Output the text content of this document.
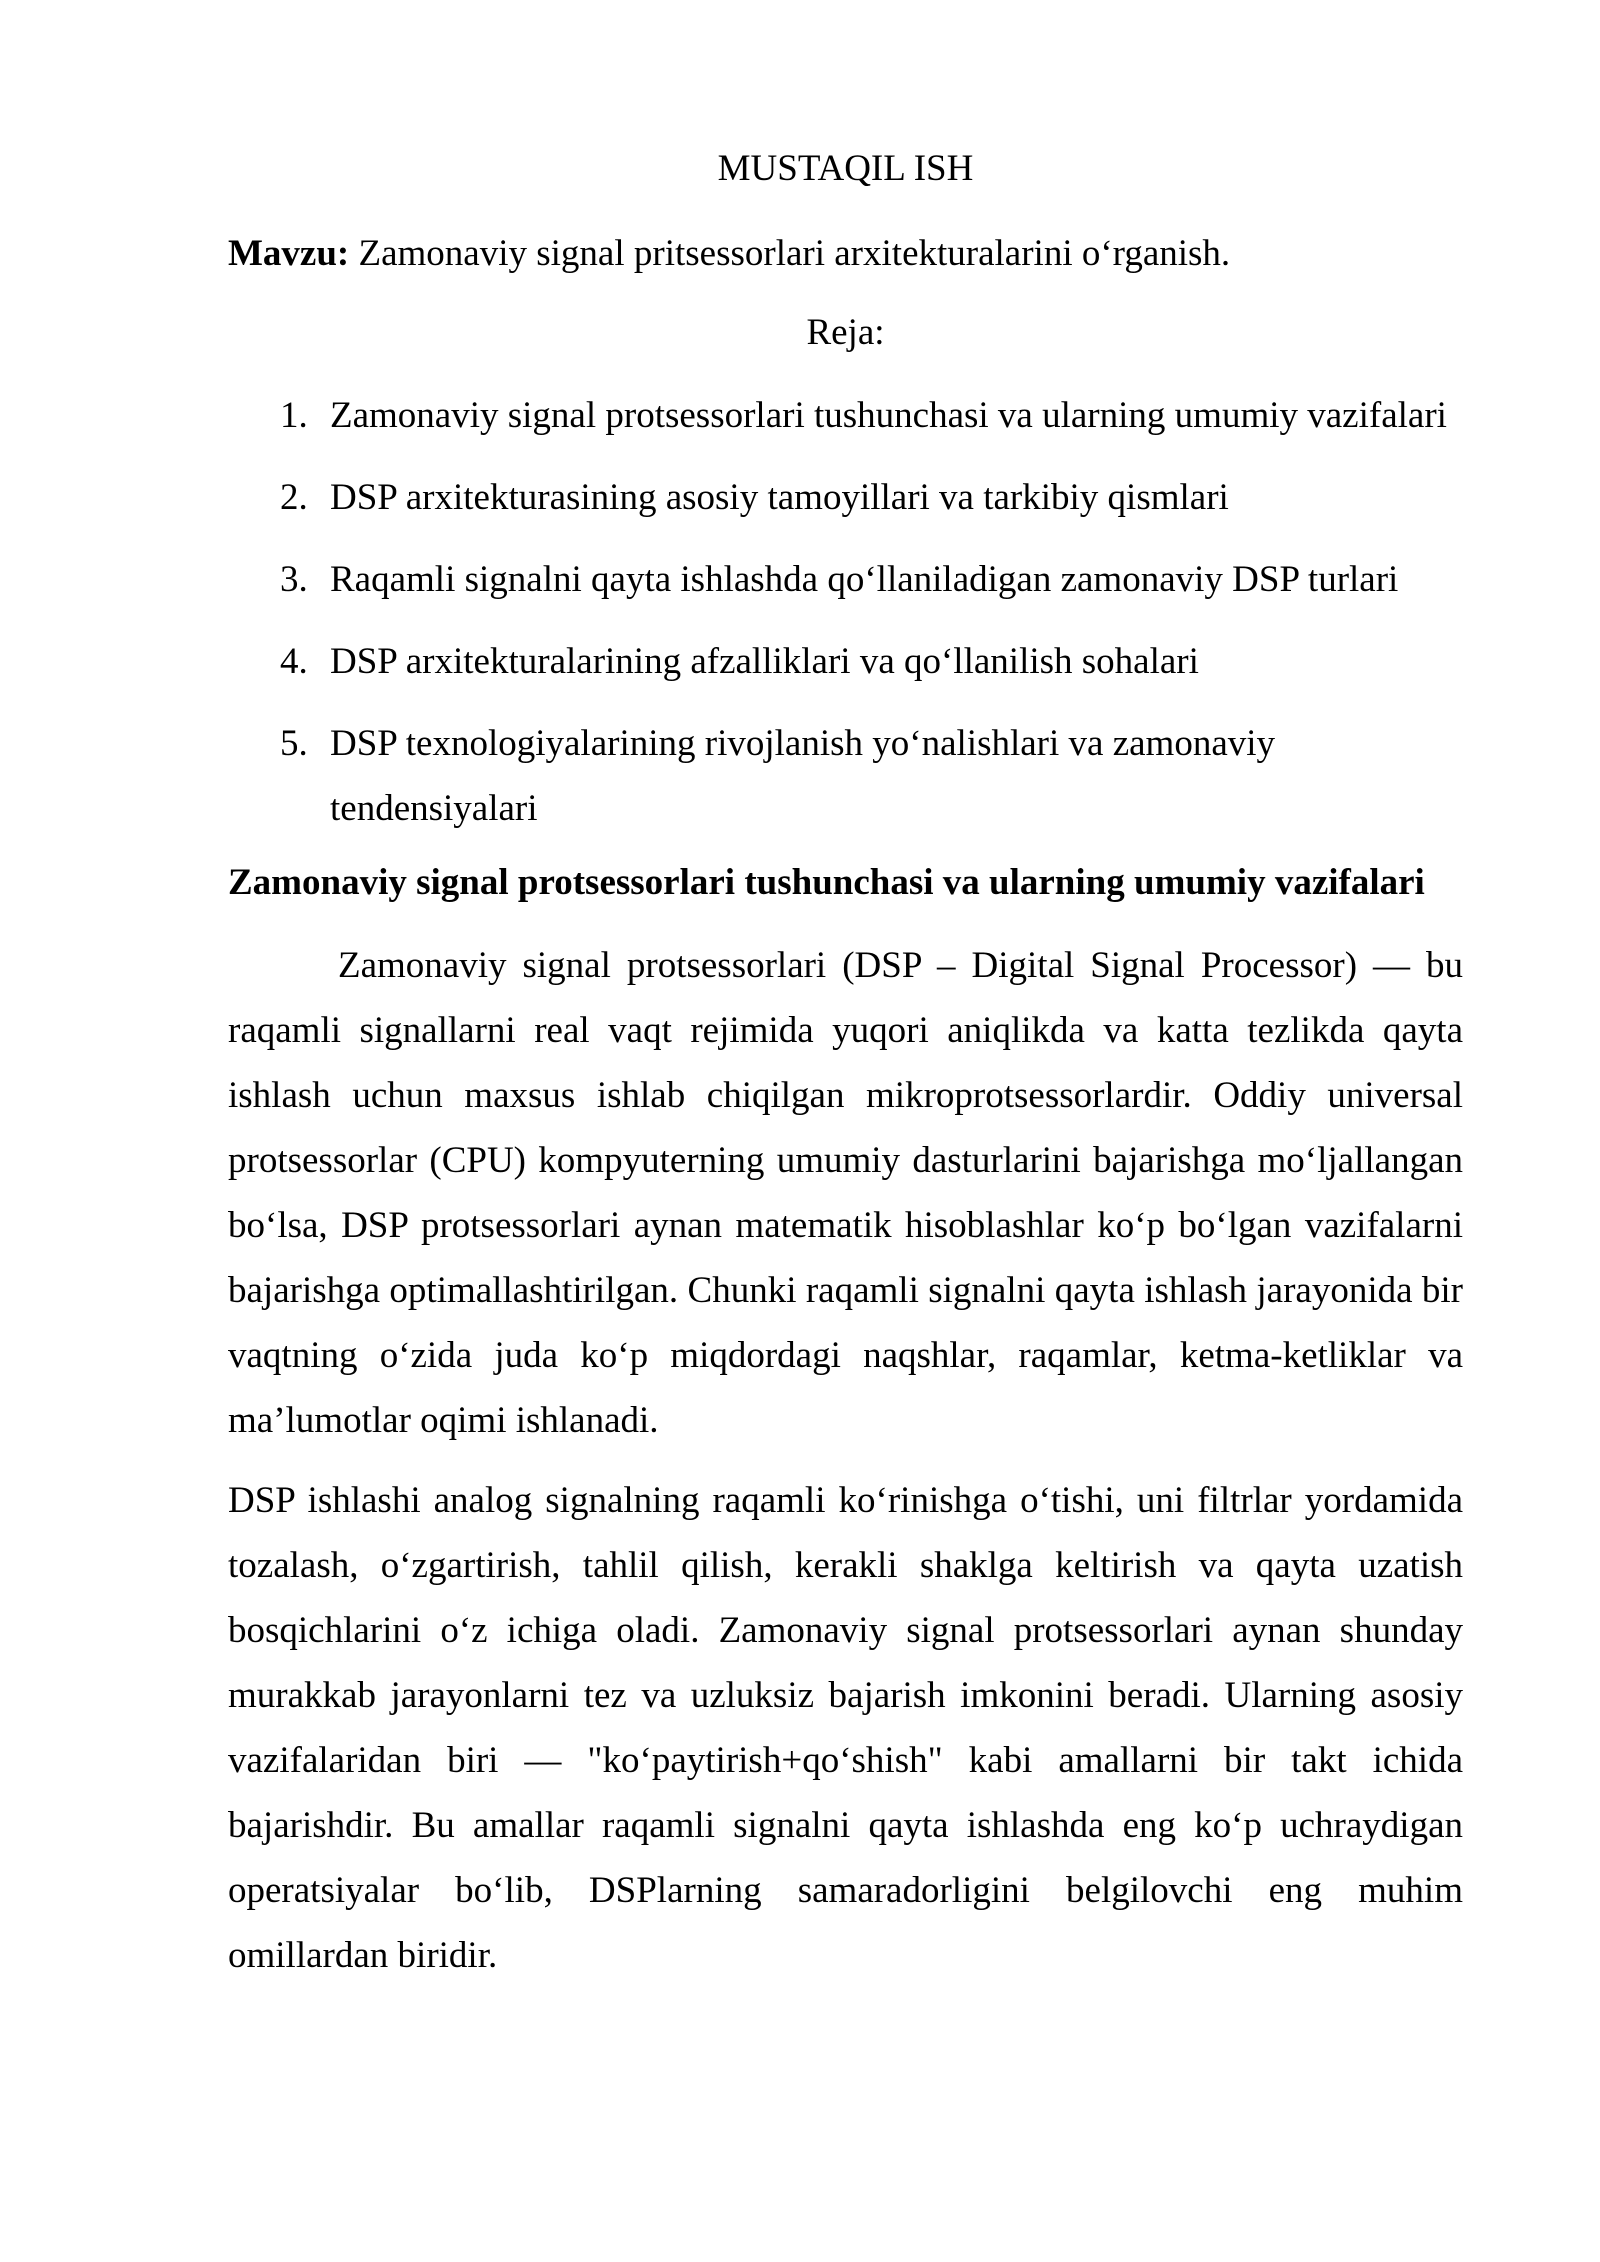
MUSTAQIL ISH
Mavzu: Zamonaviy signal pritsessorlari arxitekturalarini oʻrganish.
Reja:
1. Zamonaviy signal protsessorlari tushunchasi va ularning umumiy vazifalari
2. DSP arxitekturasining asosiy tamoyillari va tarkibiy qismlari
3. Raqamli signalni qayta ishlashda qoʻllaniladigan zamonaviy DSP turlari
4. DSP arxitekturalarining afzalliklari va qoʻllanilish sohalari
5. DSP texnologiyalarining rivojlanish yoʻnalishlari va zamonaviy tendensiyalari
Zamonaviy signal protsessorlari tushunchasi va ularning umumiy vazifalari
Zamonaviy signal protsessorlari (DSP – Digital Signal Processor) — bu
raqamli signallarni real vaqt rejimida yuqori aniqlikda va katta tezlikda qayta
ishlash uchun maxsus ishlab chiqilgan mikroprotsessorlardir. Oddiy universal
protsessorlar (CPU) kompyuterning umumiy dasturlarini bajarishga moʻljallangan
boʻlsa, DSP protsessorlari aynan matematik hisoblashlar koʻp boʻlgan vazifalarni
bajarishga optimallashtirilgan. Chunki raqamli signalni qayta ishlash jarayonida bir
vaqtning oʻzida juda koʻp miqdordagi naqshlar, raqamlar, ketma-ketliklar va
maʼlumotlar oqimi ishlanadi.
DSP ishlashi analog signalning raqamli koʻrinishga oʻtishi, uni filtrlar yordamida
tozalash, oʻzgartirish, tahlil qilish, kerakli shaklga keltirish va qayta uzatish
bosqichlarini oʻz ichiga oladi. Zamonaviy signal protsessorlari aynan shunday
murakkab jarayonlarni tez va uzluksiz bajarish imkonini beradi. Ularning asosiy
vazifalaridan biri — "koʻpaytirish+qoʻshish" kabi amallarni bir takt ichida
bajarishdir. Bu amallar raqamli signalni qayta ishlashda eng koʻp uchraydigan
operatsiyalar boʻlib, DSPlarning samaradorligini belgilovchi eng muhim
omillardan biridir.
